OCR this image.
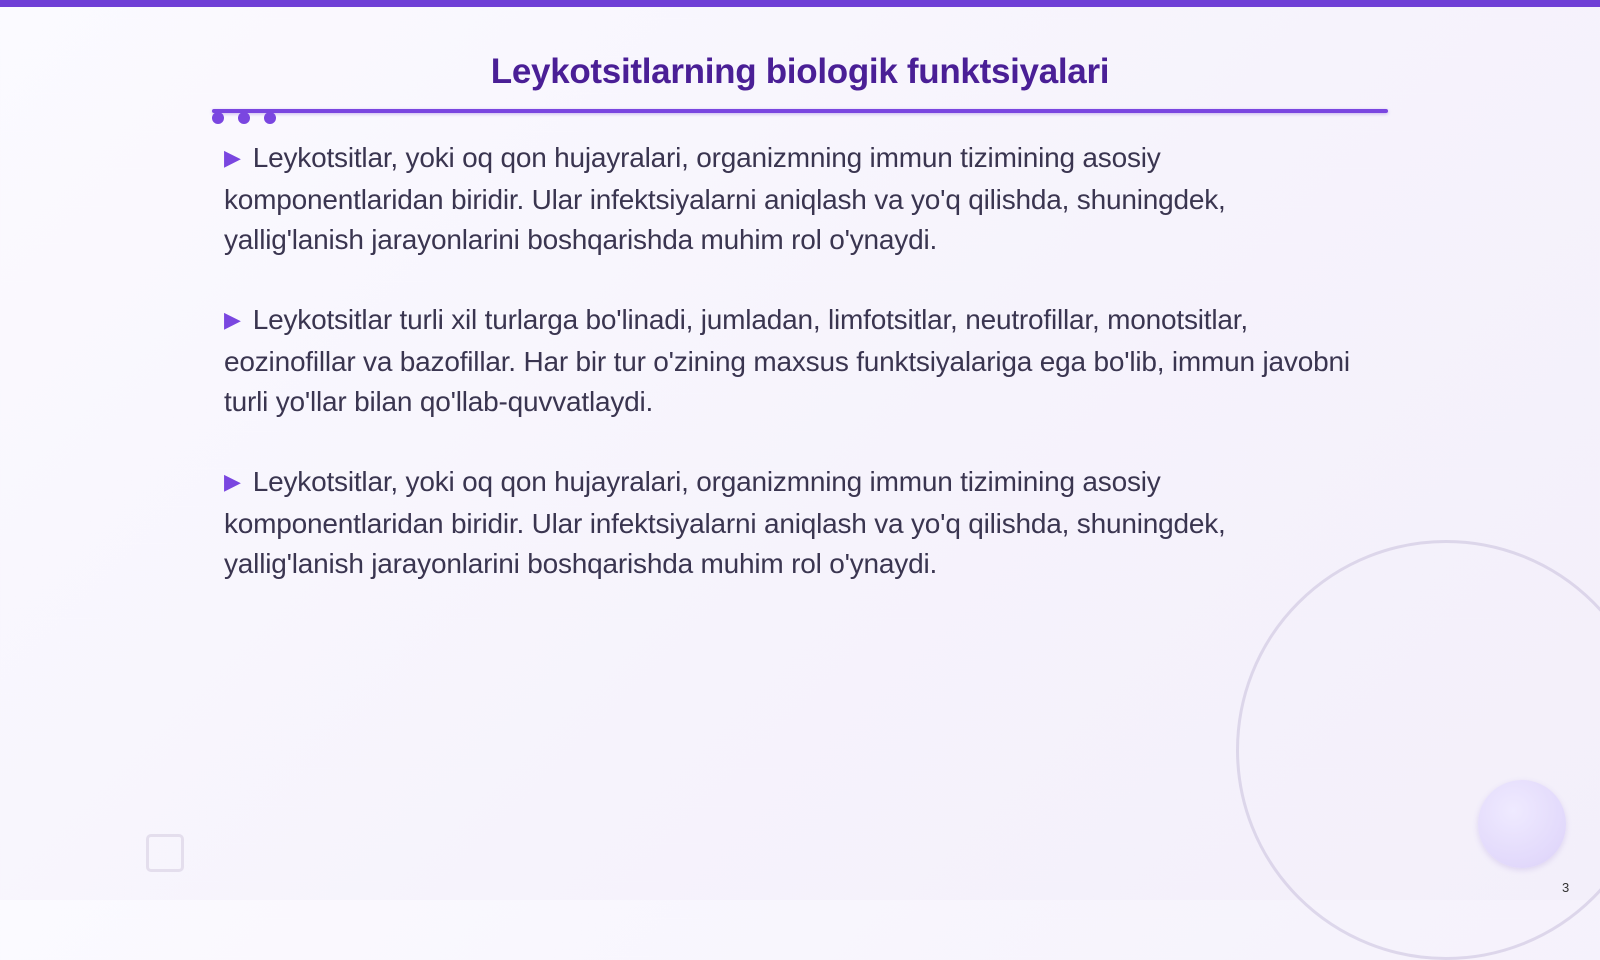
Leykotsitlarning biologik funktsiyalari

▶ Leykotsitlar, yoki oq qon hujayralari, organizmning immun tizimining asosiy komponentlaridan biridir. Ular infektsiyalarni aniqlash va yo'q qilishda, shuningdek, yallig'lanish jarayonlarini boshqarishda muhim rol o'ynaydi.

▶ Leykotsitlar turli xil turlarga bo'linadi, jumladan, limfotsitlar, neutrofillar, monotsitlar, eozinofillar va bazofillar. Har bir tur o'zining maxsus funktsiyalariga ega bo'lib, immun javobni turli yo'llar bilan qo'llab-quvvatlaydi.

▶ Leykotsitlar, yoki oq qon hujayralari, organizmning immun tizimining asosiy komponentlaridan biridir. Ular infektsiyalarni aniqlash va yo'q qilishda, shuningdek, yallig'lanish jarayonlarini boshqarishda muhim rol o'ynaydi.

3
